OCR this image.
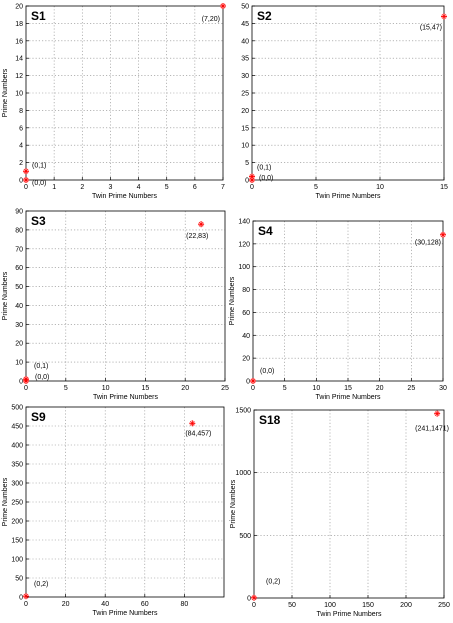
0	1	2	3	4	5	6	7
0
2
4
6
8
10
12
14
16
18
20
Twin Prime Numbers
Prime Numbers
S1
(0,0)
(0,1)
(7,20)
0	5	10	15
0
5
10
15
20
25
30
35
40
45
50
Twin Prime Numbers
S2
(0,0)
(0,1)
(15,47)
0	5	10	15	20	25
0
10
20
30
40
50
60
70
80
90
Twin Prime Numbers
Prime Numbers
S3
(0,0)
(0,1)
(22,83)
0	5	10	15	20	25	30
0
20
40
60
80
100
120
140
Twin Prime Numbers
Prime Numbers
S4
(0,0)
(30,128)
0	20	40	60	80
0
50
100
150
200
250
300
350
400
450
500
Twin Prime Numbers
Prime Numbers
S9
(0,2)
(84,457)
0	50	100	150	200	250
0
500
1000
1500
Twin Prime Numbers
Prime Numbers
S18
(0,2)
(241,1471)
